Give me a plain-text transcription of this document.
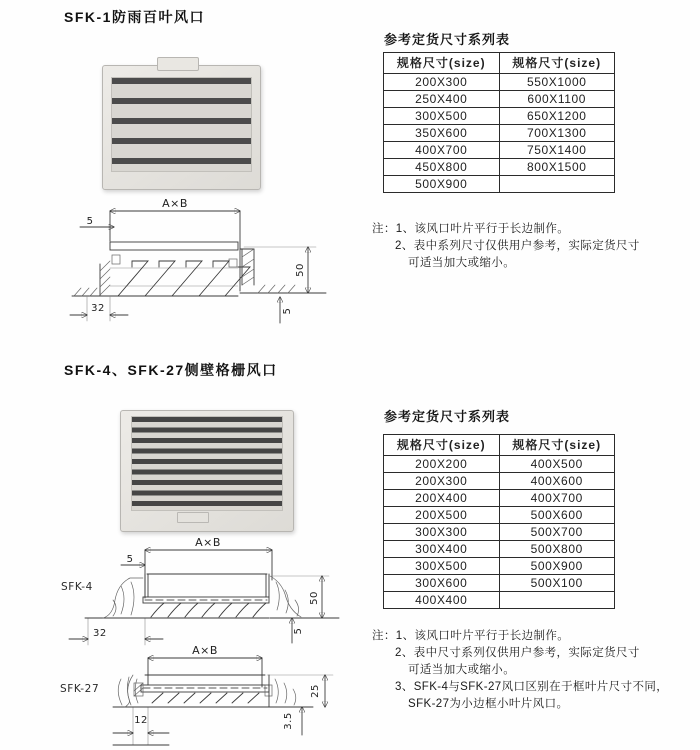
SFK-1防雨百叶风口
A×B
5
50
32	5
参考定货尺寸系列表
规格尺寸(size)	规格尺寸(size)
200X300	550X1000
250X400	600X1100
300X500	650X1200
350X600	700X1300
400X700	750X1400
450X800	800X1500
500X900	
注：1、该风口叶片平行于长边制作。
2、表中系列尺寸仅供用户参考，实际定货尺寸
可适当加大或缩小。
SFK-4、SFK-27侧壁格栅风口
参考定货尺寸系列表
规格尺寸(size)	规格尺寸(size)
200X200	400X500
200X300	400X600
200X400	400X700
200X500	500X600
300X300	500X700
300X400	500X800
300X500	500X900
300X600	500X100
400X400	
注：1、该风口叶片平行于长边制作。
2、表中尺寸系列仅供用户参考，实际定货尺寸
可适当加大或缩小。
3、SFK-4与SFK-27风口区别在于框叶片尺寸不同，
SFK-27为小边框小叶片风口。
SFK-4
A×B
5
50
32	5
SFK-27
A×B
25
12	3.5
